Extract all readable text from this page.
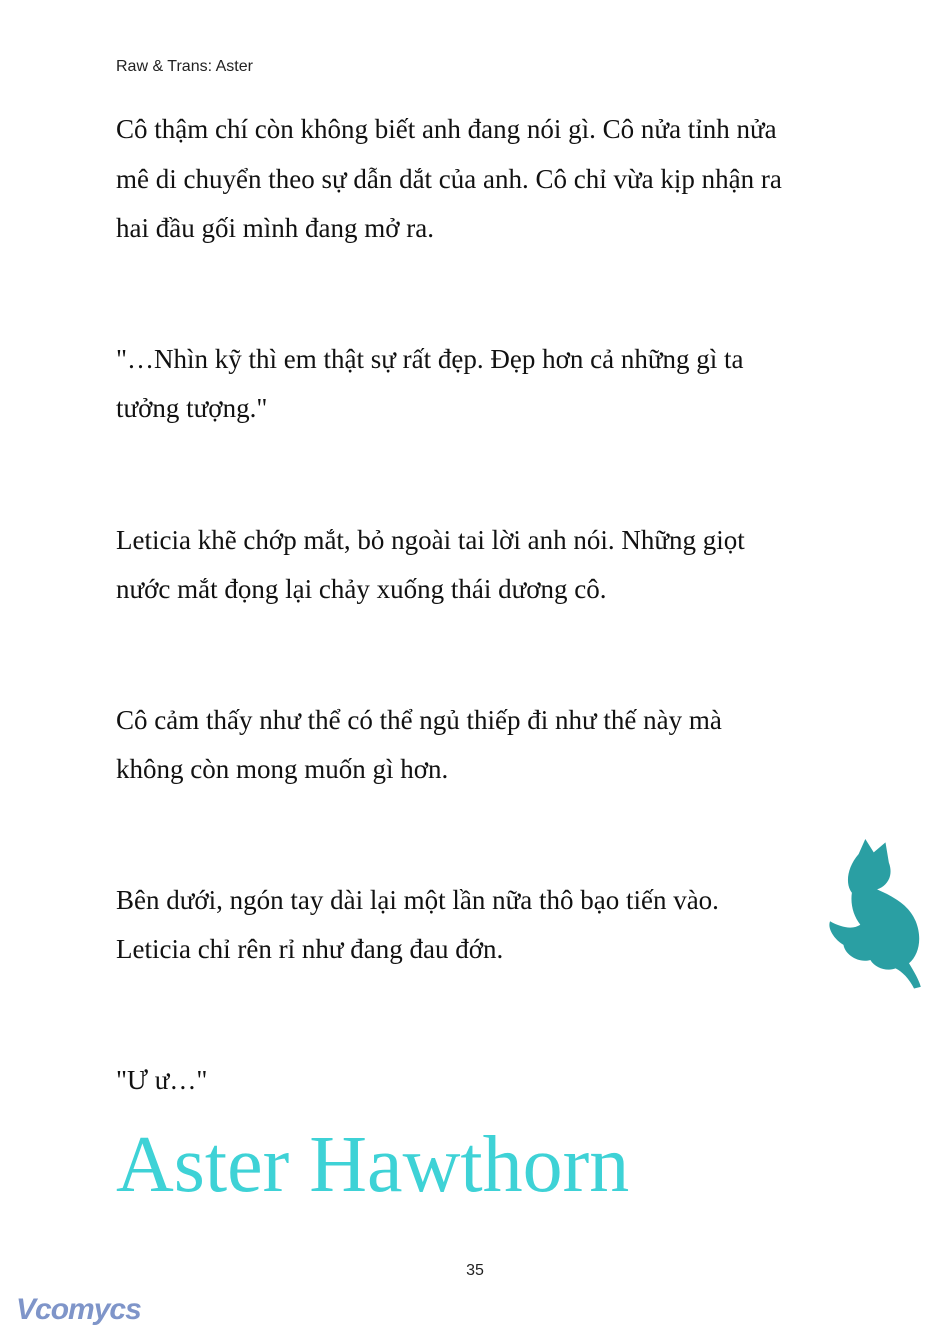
Raw & Trans: Aster
Cô thậm chí còn không biết anh đang nói gì. Cô nửa tỉnh nửa
mê di chuyển theo sự dẫn dắt của anh. Cô chỉ vừa kịp nhận ra
hai đầu gối mình đang mở ra.
"…Nhìn kỹ thì em thật sự rất đẹp. Đẹp hơn cả những gì ta
tưởng tượng."
Leticia khẽ chớp mắt, bỏ ngoài tai lời anh nói. Những giọt
nước mắt đọng lại chảy xuống thái dương cô.
Cô cảm thấy như thể có thể ngủ thiếp đi như thế này mà
không còn mong muốn gì hơn.
Bên dưới, ngón tay dài lại một lần nữa thô bạo tiến vào.
Leticia chỉ rên rỉ như đang đau đớn.
"Ư ư…"
Aster Hawthorn
35
Vcomycs
